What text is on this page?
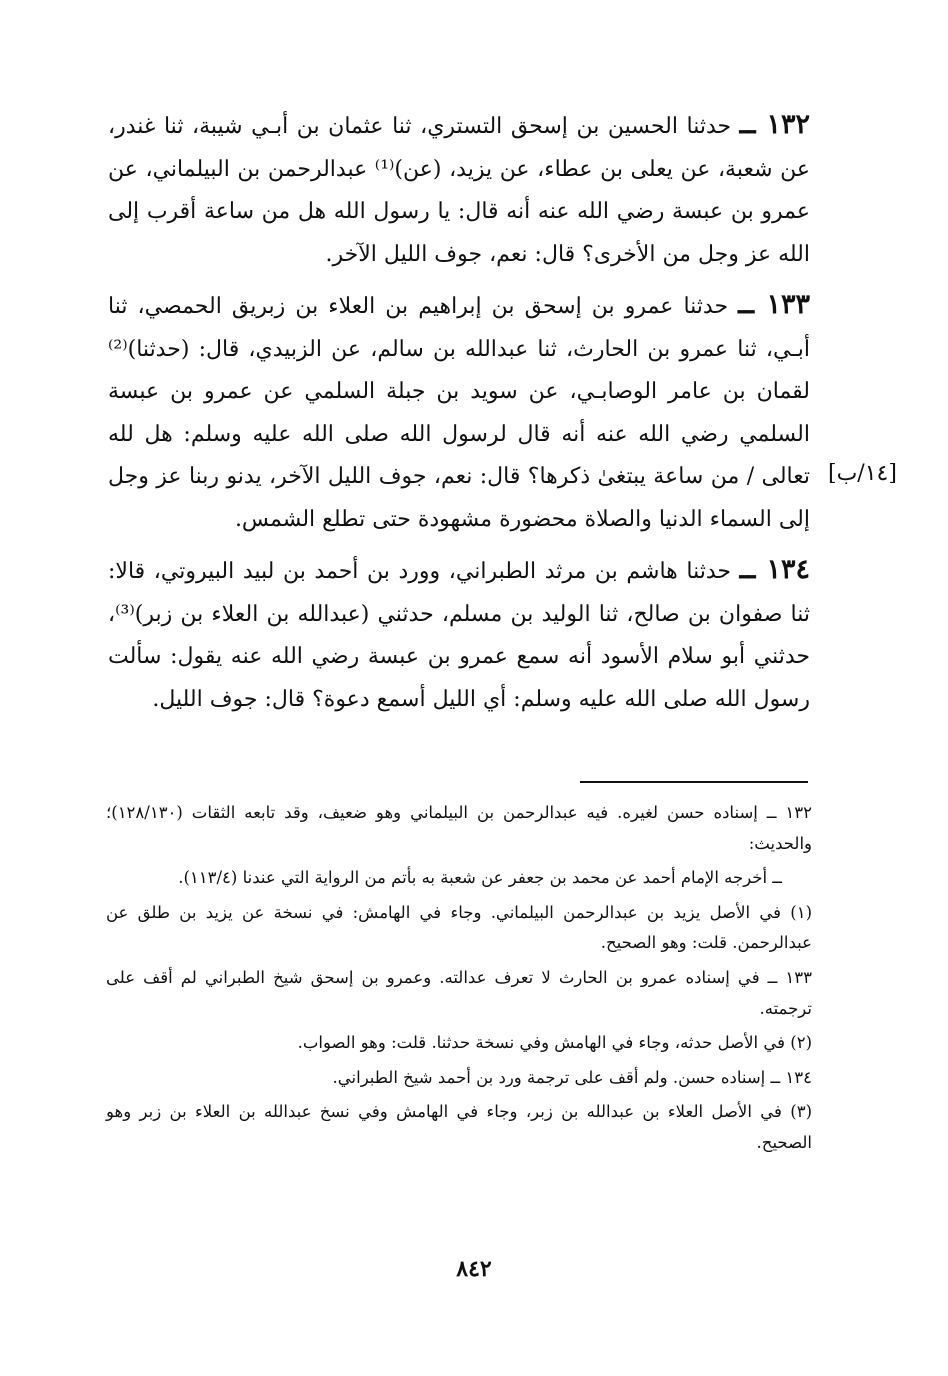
١٣٢ ــ حدثنا الحسين بن إسحق التستري، ثنا عثمان بن أبـي شيبة، ثنا غندر، عن شعبة، عن يعلى بن عطاء، عن يزيد، (عن)⁽¹⁾ عبدالرحمن بن البيلماني، عن عمرو بن عبسة رضي الله عنه أنه قال: يا رسول الله هل من ساعة أقرب إلى الله عز وجل من الأخرى؟ قال: نعم، جوف الليل الآخر.

١٣٣ ــ حدثنا عمرو بن إسحق بن إبراهيم بن العلاء بن زبريق الحمصي، ثنا أبـي، ثنا عمرو بن الحارث، ثنا عبدالله بن سالم، عن الزبيدي، قال: (حدثنا)⁽²⁾ لقمان بن عامر الوصابـي، عن سويد بن جبلة السلمي عن عمرو بن عبسة السلمي رضي الله عنه أنه قال لرسول الله صلى الله عليه وسلم: هل لله تعالى / من ساعة يبتغىٰ ذكرها؟ قال: نعم، جوف الليل الآخر، يدنو ربنا عز وجل إلى السماء الدنيا والصلاة محضورة مشهودة حتى تطلع الشمس.

١٣٤ ــ حدثنا هاشم بن مرثد الطبراني، وورد بن أحمد بن لبيد البيروتي، قالا: ثنا صفوان بن صالح، ثنا الوليد بن مسلم، حدثني (عبدالله بن العلاء بن زبر)⁽³⁾، حدثني أبو سلام الأسود أنه سمع عمرو بن عبسة رضي الله عنه يقول: سألت رسول الله صلى الله عليه وسلم: أي الليل أسمع دعوة؟ قال: جوف الليل.

[١٤/ب]

١٣٢ ــ إسناده حسن لغيره. فيه عبدالرحمن بن البيلماني وهو ضعيف، وقد تابعه الثقات (١٢٨/١٣٠)؛ والحديث:

ــ أخرجه الإمام أحمد عن محمد بن جعفر عن شعبة به بأتم من الرواية التي عندنا (١١٣/٤).

(١) في الأصل يزيد بن عبدالرحمن البيلماني. وجاء في الهامش: في نسخة عن يزيد بن طلق عن عبدالرحمن. قلت: وهو الصحيح.

١٣٣ ــ في إسناده عمرو بن الحارث لا تعرف عدالته. وعمرو بن إسحق شيخ الطبراني لم أقف على ترجمته.

(٢) في الأصل حدثه، وجاء في الهامش وفي نسخة حدثنا. قلت: وهو الصواب.

١٣٤ ــ إسناده حسن. ولم أقف على ترجمة ورد بن أحمد شيخ الطبراني.

(٣) في الأصل العلاء بن عبدالله بن زبر، وجاء في الهامش وفي نسخ عبدالله بن العلاء بن زبر وهو الصحيح.

٨٤٢
